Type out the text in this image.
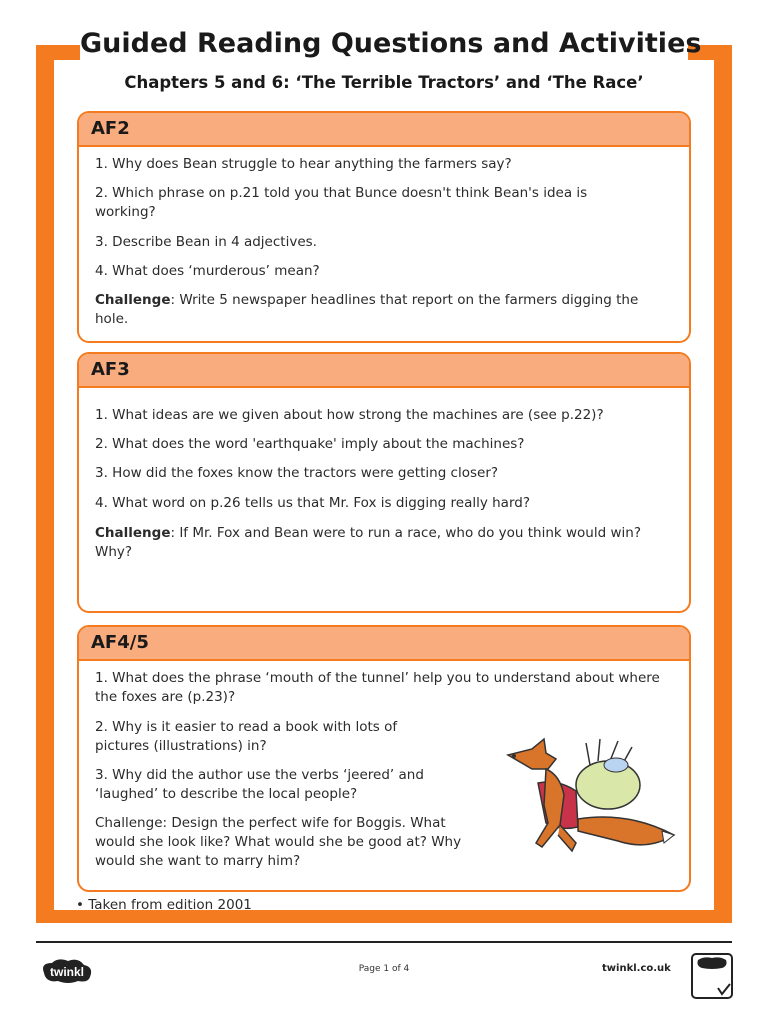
Guided Reading Questions and Activities
Chapters 5 and 6: ‘The Terrible Tractors’ and ‘The Race’
AF2

1. Why does Bean struggle to hear anything the farmers say?

2. Which phrase on p.21 told you that Bunce doesn't think Bean's idea is working?

3. Describe Bean in 4 adjectives.

4. What does ‘murderous’ mean?

Challenge: Write 5 newspaper headlines that report on the farmers digging the hole.

AF3

1. What ideas are we given about how strong the machines are (see p.22)?

2. What does the word 'earthquake' imply about the machines?

3. How did the foxes know the tractors were getting closer?

4. What word on p.26 tells us that Mr. Fox is digging really hard?

Challenge: If Mr. Fox and Bean were to run a race, who do you think would win? Why?

AF4/5

1. What does the phrase ‘mouth of the tunnel’ help you to understand about where the foxes are (p.23)?

2. Why is it easier to read a book with lots of pictures (illustrations) in?

3. Why did the author use the verbs ‘jeered’ and ‘laughed’ to describe the local people?

Challenge: Design the perfect wife for Boggis. What would she look like? What would she be good at? Why would she want to marry him?

• Taken from edition 2001
twinkl	Page 1 of 4	twinkl.co.uk
